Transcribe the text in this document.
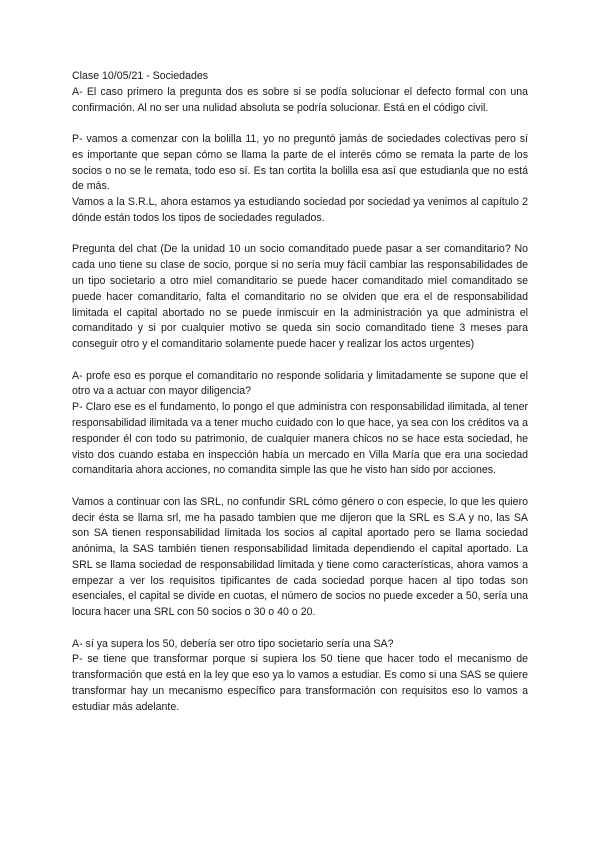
Clase 10/05/21 - Sociedades

A- El caso primero la pregunta dos es sobre si se podía solucionar el defecto formal con una confirmación. Al no ser una nulidad absoluta se podría solucionar. Está en el código civil.

P- vamos a comenzar con la bolilla 11, yo no preguntó jamás de sociedades colectivas pero sí es importante que sepan cómo se llama la parte de el interés cómo se remata la parte de los socios o no se le remata, todo eso sí. Es tan cortita la bolilla esa así que estudianla que no está de más.

Vamos a la S.R.L, ahora estamos ya estudiando sociedad por sociedad ya venimos al capítulo 2 dónde están todos los tipos de sociedades regulados.

Pregunta del chat (De la unidad 10 un socio comanditado puede pasar a ser comanditario? No cada uno tiene su clase de socio, porque si no sería muy fácil cambiar las responsabilidades de un tipo societario a otro miel comanditario se puede hacer comanditado miel comanditado se puede hacer comanditario, falta el comanditario no se olviden que era el de responsabilidad limitada el capital abortado no se puede inmiscuir en la administración ya que administra el comanditado y si por cualquier motivo se queda sin socio comanditado tiene 3 meses para conseguir otro y el comanditario solamente puede hacer y realizar los actos urgentes)

A- profe eso es porque el comanditario no responde solidaria y limitadamente se supone que el otro va a actuar con mayor diligencia?

P- Claro ese es el fundamento, lo pongo el que administra con responsabilidad ilimitada, al tener responsabilidad ilimitada va a tener mucho cuidado con lo que hace, ya sea con los créditos va a responder él con todo su patrimonio, de cualquier manera chicos no se hace esta sociedad, he visto dos cuando estaba en inspección había un mercado en Villa María que era una sociedad comanditaria ahora acciones, no comandita simple las que he visto han sido por acciones.

Vamos a continuar con las SRL, no confundir SRL cómo género o con especie, lo que les quiero decir ésta se llama srl, me ha pasado tambien que me dijeron que la SRL es S.A y no, las SA son SA tienen responsabilidad limitada los socios al capital aportado pero se llama sociedad anónima, la SAS también tienen responsabilidad limitada dependiendo el capital aportado. La SRL se llama sociedad de responsabilidad limitada y tiene como características, ahora vamos a empezar a ver los requisitos tipificantes de cada sociedad porque hacen al tipo todas son esenciales, el capital se divide en cuotas, el número de socios no puede exceder a 50, sería una locura hacer una SRL con 50 socios o 30 o 40 o 20.

A- sí ya supera los 50, debería ser otro tipo societario sería una SA?

P- se tiene que transformar porque si supiera los 50 tiene que hacer todo el mecanismo de transformación que está en la ley que eso ya lo vamos a estudiar. Es como si una SAS se quiere transformar hay un mecanismo específico para transformación con requisitos eso lo vamos a estudiar más adelante.
